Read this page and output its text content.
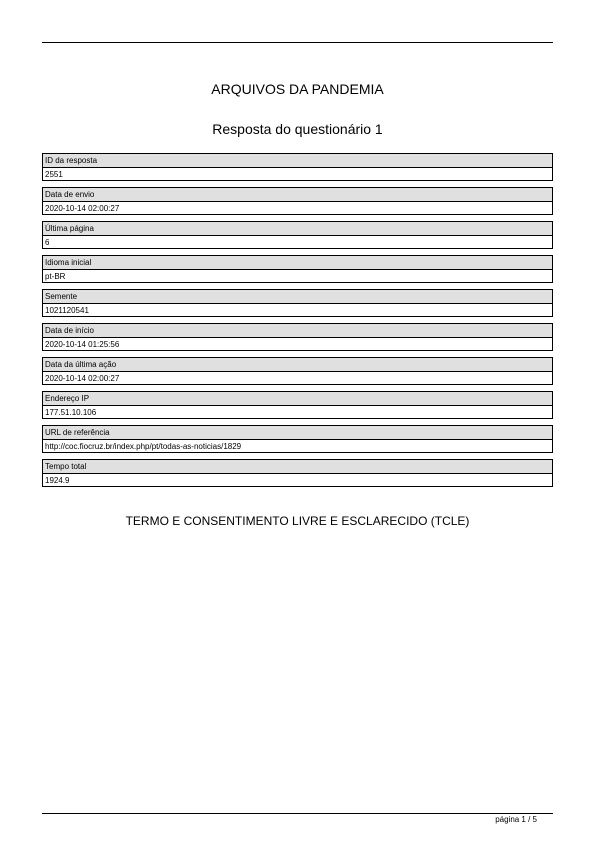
ARQUIVOS DA PANDEMIA
Resposta do questionário 1
ID da resposta
2551
Data de envio
2020-10-14 02:00:27
Última página
6
Idioma inicial
pt-BR
Semente
1021120541
Data de início
2020-10-14 01:25:56
Data da última ação
2020-10-14 02:00:27
Endereço IP
177.51.10.106
URL de referência
http://coc.fiocruz.br/index.php/pt/todas-as-noticias/1829
Tempo total
1924.9
TERMO E CONSENTIMENTO LIVRE E ESCLARECIDO (TCLE)
página 1 / 5
